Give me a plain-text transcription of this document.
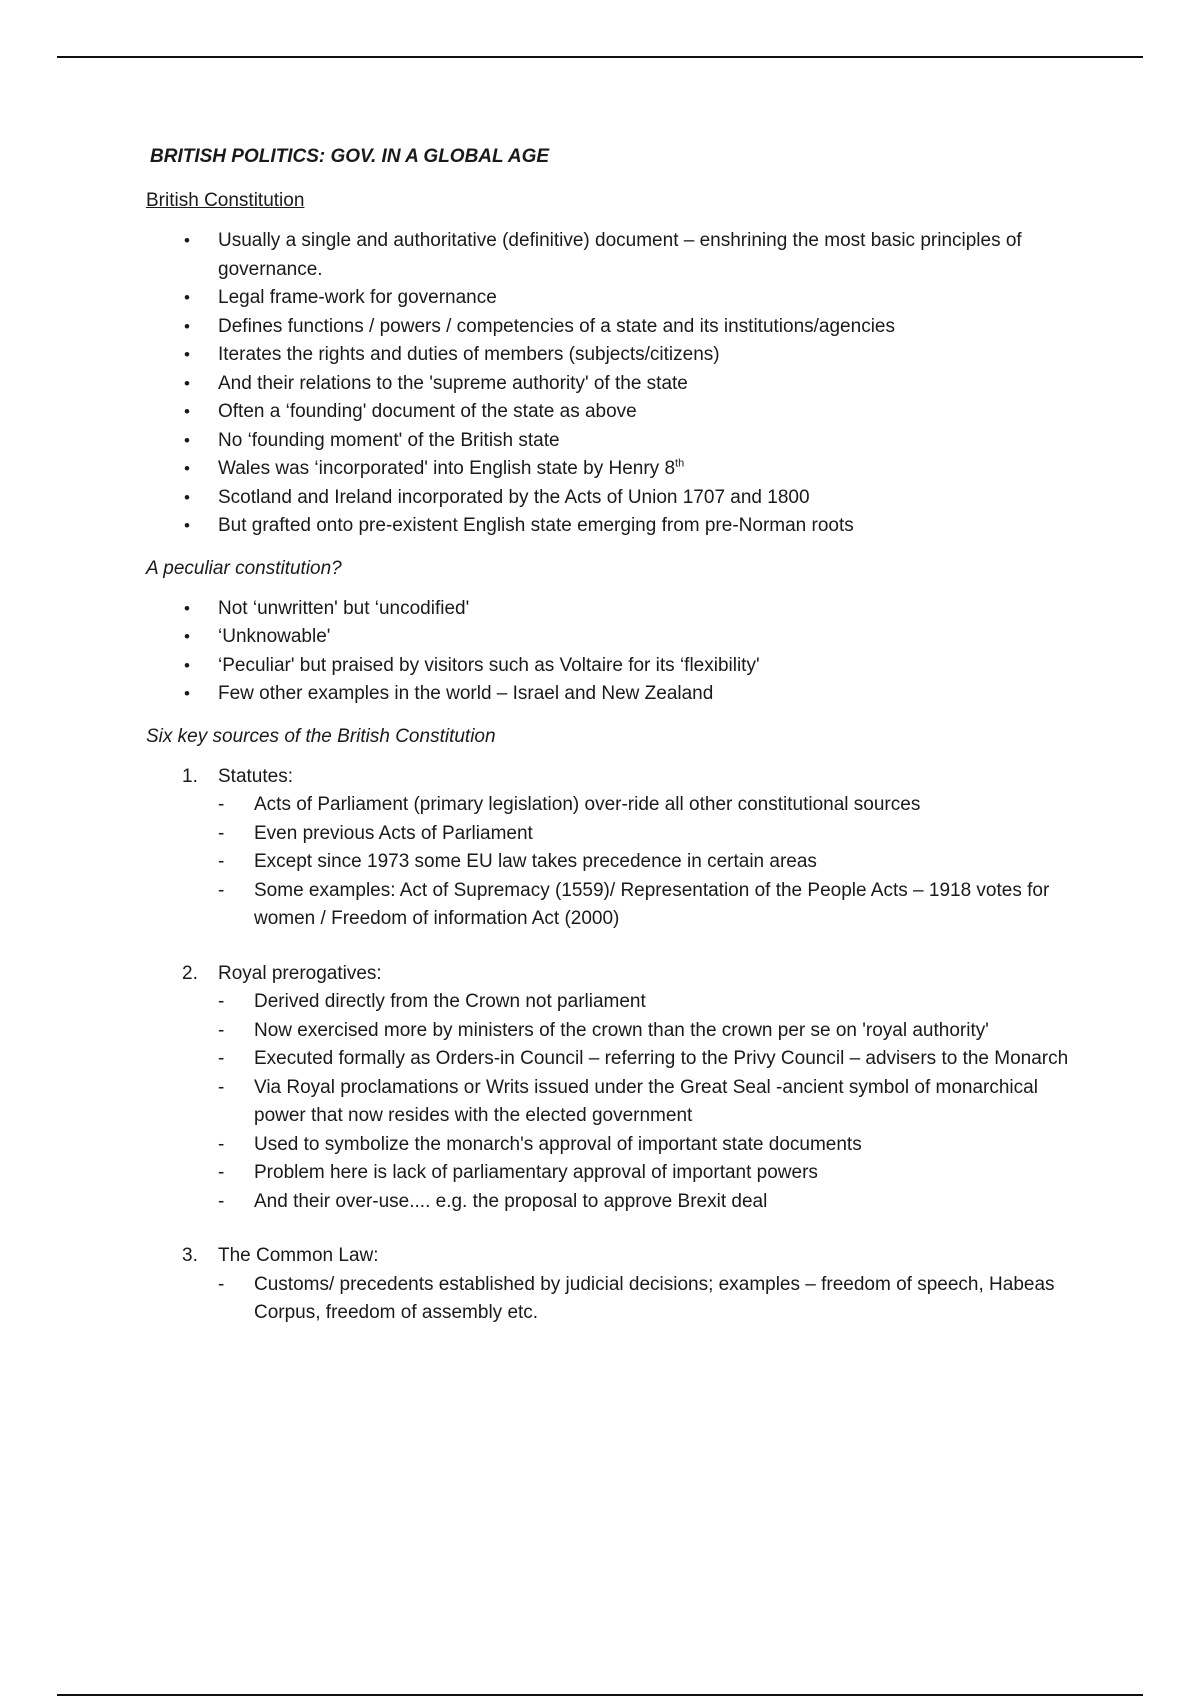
BRITISH POLITICS: GOV. IN A GLOBAL AGE
British Constitution
• Usually a single and authoritative (definitive) document – enshrining the most basic principles of governance.
• Legal frame-work for governance
• Defines functions / powers / competencies of a state and its institutions/agencies
• Iterates the rights and duties of members (subjects/citizens)
• And their relations to the 'supreme authority' of the state
• Often a ‘founding' document of the state as above
• No ‘founding moment' of the British state
• Wales was ‘incorporated' into English state by Henry 8th
• Scotland and Ireland incorporated by the Acts of Union 1707 and 1800
• But grafted onto pre-existent English state emerging from pre-Norman roots
A peculiar constitution?
• Not ‘unwritten' but ‘uncodified'
• ‘Unknowable'
• ‘Peculiar' but praised by visitors such as Voltaire for its ‘flexibility'
• Few other examples in the world – Israel and New Zealand
Six key sources of the British Constitution
1. Statutes:
- Acts of Parliament (primary legislation) over-ride all other constitutional sources
- Even previous Acts of Parliament
- Except since 1973 some EU law takes precedence in certain areas
- Some examples: Act of Supremacy (1559)/ Representation of the People Acts – 1918 votes for women / Freedom of information Act (2000)
2. Royal prerogatives:
- Derived directly from the Crown not parliament
- Now exercised more by ministers of the crown than the crown per se on 'royal authority'
- Executed formally as Orders-in Council – referring to the Privy Council – advisers to the Monarch
- Via Royal proclamations or Writs issued under the Great Seal -ancient symbol of monarchical power that now resides with the elected government
- Used to symbolize the monarch's approval of important state documents
- Problem here is lack of parliamentary approval of important powers
- And their over-use.... e.g. the proposal to approve Brexit deal
3. The Common Law:
- Customs/ precedents established by judicial decisions; examples – freedom of speech, Habeas Corpus, freedom of assembly etc.
